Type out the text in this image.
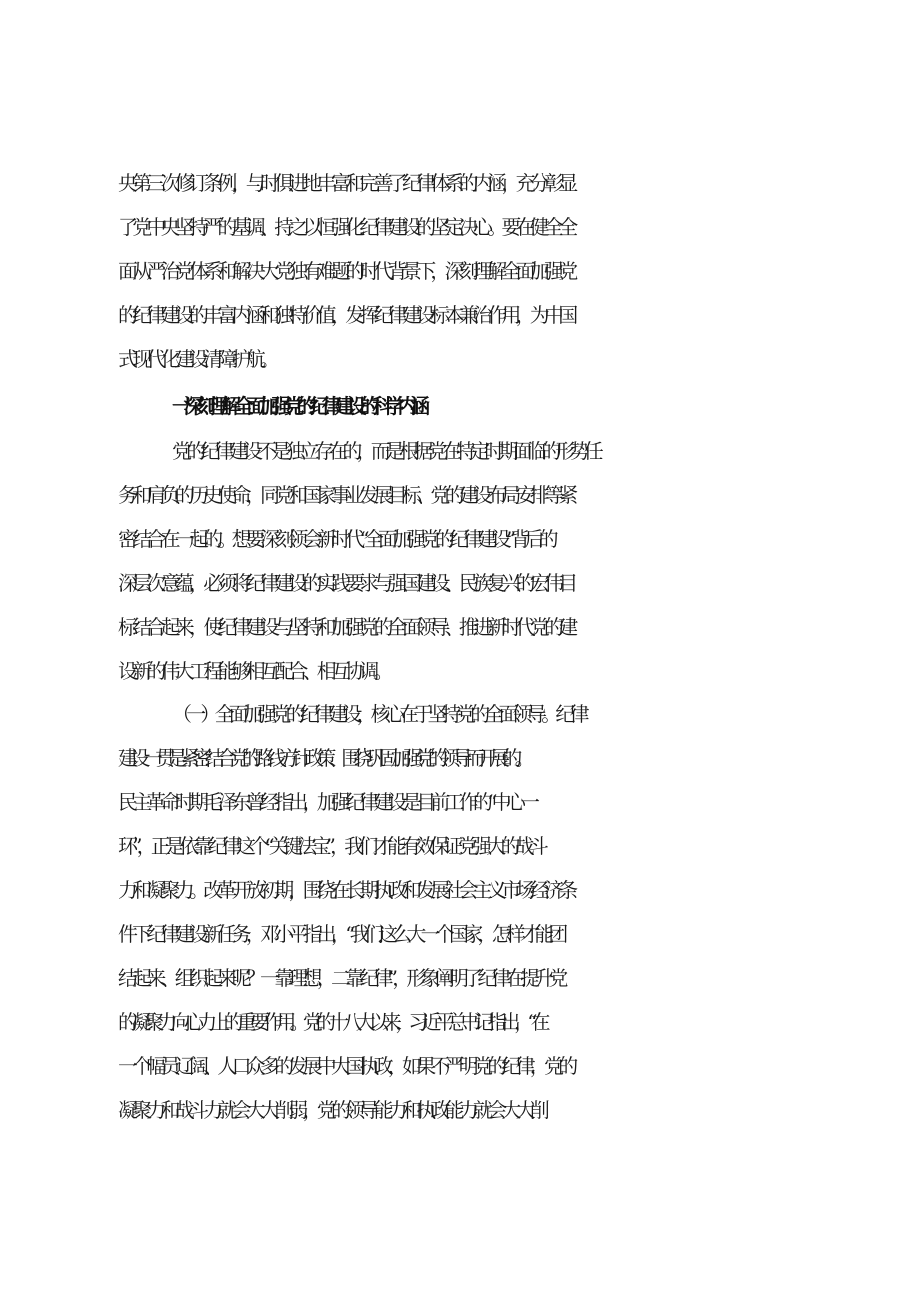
央第三次修订条例，与时俱进地丰富和完善了纪律体系的内涵，充分彰显
了党中央坚持严的基调、持之以恒强化纪律建设的坚定决心。要在健全全
面从严治党体系和解决大党独有难题的时代背景下，深刻理解全面加强党
的纪律建设的丰富内涵和独特价值，发挥纪律建设标本兼治作用，为中国
式现代化建设清障护航。
一'深刻理解全面加强党的纪律建设的科学内涵
党的纪律建设不是独立存在的，而是根据党在特定时期面临的形势任
务和肩负的历史使命，同党和国家事业发展目标、党的建设布局安排等紧
密结合在一起的。想要深刻领会新时代“全面加强党的纪律建设”背后的
深层次意蕴，必须将纪律建设的实践要求与强国建设、民族复兴的宏伟目
标结合起来，使纪律建设与坚持和加强党的全面领导、推进新时代党的建
设新的伟大工程能够相互配合、相互协调。
（一）全面加强党的纪律建设，核心在于坚持党的全面领导。纪律
建设一贯是紧密结合党的路线方针政策、围绕巩固加强党的领导而开展的。
民主革命时期毛泽东曾经指出，加强纪律建设是目前工作的“中心一
环”，正是依靠纪律这个“关键法宝”，我们才能有效保证党强大的战斗
力和凝聚力。改革开放初期，围绕在长期执政和发展社会主义市场经济条
件下纪律建设新任务，邓小平指出，“我们这么大一个国家，怎样才能团
结起来、组织起来呢？一靠理想，二靠纪律”，形象阐明了纪律在提升党
的凝聚力向心力上的重要作用。党的十八大以来，习近平总书记指出，“在
一个幅员辽阔、人口众多的发展中大国执政，如果不严明党的纪律，党的
凝聚力和战斗力就会大大削弱，党的领导能力和执政能力就会大大削
